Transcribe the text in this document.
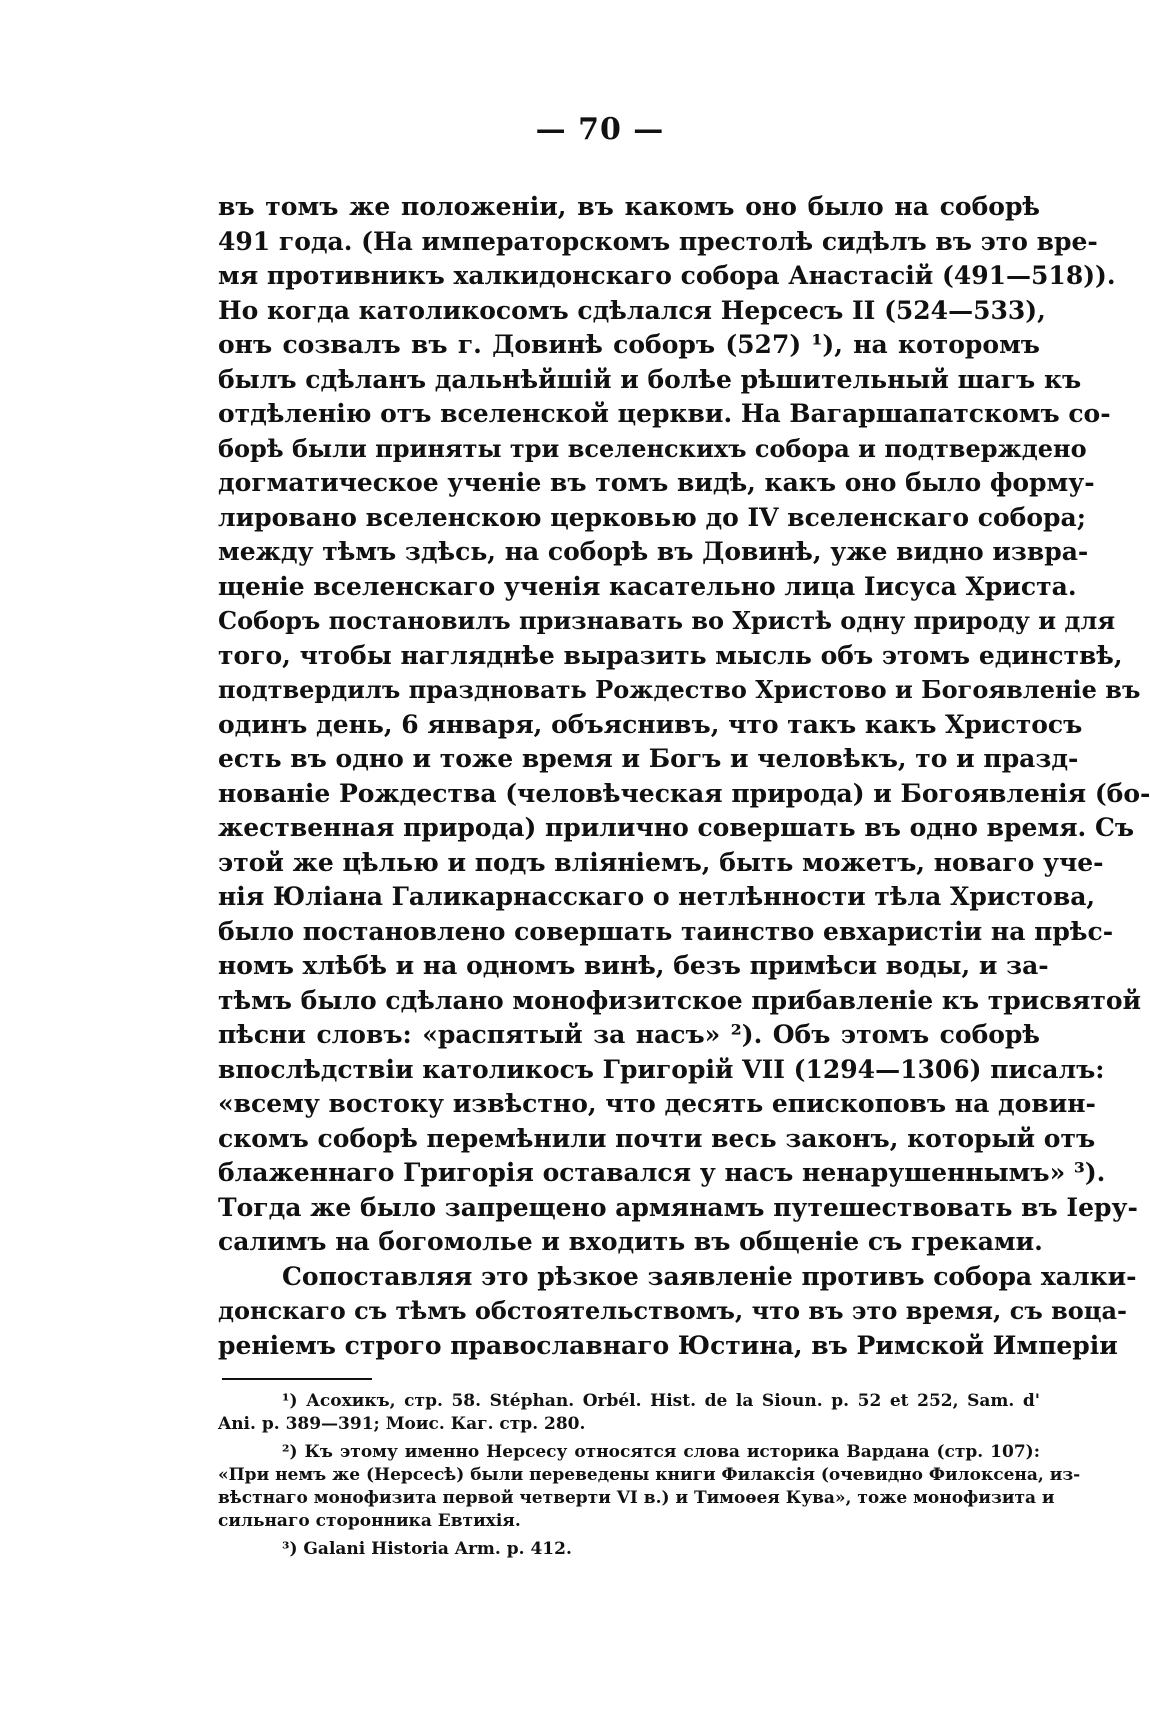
— 70 —
въ томъ же положеніи, въ какомъ оно было на соборѣ
491 года. (На императорскомъ престолѣ сидѣлъ въ это вре-
мя противникъ халкидонскаго собора Анастасій (491—518)).
Но когда католикосомъ сдѣлался Нерсесъ II (524—533),
онъ созвалъ въ г. Довинѣ соборъ (527) ¹), на которомъ
былъ сдѣланъ дальнѣйшій и болѣе рѣшительный шагъ къ
отдѣленію отъ вселенской церкви. На Вагаршапатскомъ со-
борѣ были приняты три вселенскихъ собора и подтверждено
догматическое ученіе въ томъ видѣ, какъ оно было форму-
лировано вселенскою церковью до IV вселенскаго собора;
между тѣмъ здѣсь, на соборѣ въ Довинѣ, уже видно извра-
щеніе вселенскаго ученія касательно лица Іисуса Христа.
Соборъ постановилъ признавать во Христѣ одну природу и для
того, чтобы нагляднѣе выразить мысль объ этомъ единствѣ,
подтвердилъ праздновать Рождество Христово и Богоявленіе въ
одинъ день, 6 января, объяснивъ, что такъ какъ Христосъ
есть въ одно и тоже время и Богъ и человѣкъ, то и празд-
нованіе Рождества (человѣческая природа) и Богоявленія (бо-
жественная природа) прилично совершать въ одно время. Съ
этой же цѣлью и подъ вліяніемъ, быть можетъ, новаго уче-
нія Юліана Галикарнасскаго о нетлѣнности тѣла Христова,
было постановлено совершать таинство евхаристіи на прѣс-
номъ хлѣбѣ и на одномъ винѣ, безъ примѣси воды, и за-
тѣмъ было сдѣлано монофизитское прибавленіе къ трисвятой
пѣсни словъ: «распятый за насъ» ²). Объ этомъ соборѣ
впослѣдствіи католикосъ Григорій VII (1294—1306) писалъ:
«всему востоку извѣстно, что десять епископовъ на довин-
скомъ соборѣ перемѣнили почти весь законъ, который отъ
блаженнаго Григорія оставался у насъ ненарушеннымъ» ³).
Тогда же было запрещено армянамъ путешествовать въ Іеру-
салимъ на богомолье и входить въ общеніе съ греками.
Сопоставляя это рѣзкое заявленіе противъ собора халки-
донскаго съ тѣмъ обстоятельствомъ, что въ это время, съ воца-
реніемъ строго православнаго Юстина, въ Римской Имперіи
¹) Асохикъ, стр. 58. Stéphan. Orbél. Hist. de la Sioun. p. 52 et 252, Sam. d'
Ani. p. 389—391; Моис. Каг. стр. 280.
²) Къ этому именно Нерсесу относятся слова историка Вардана (стр. 107):
«При немъ же (Нерсесѣ) были переведены книги Филаксія (очевидно Филоксена, из-
вѣстнаго монофизита первой четверти VI в.) и Тимоѳея Кува», тоже монофизита и
сильнаго сторонника Евтихія.
³) Galani Historia Arm. p. 412.
